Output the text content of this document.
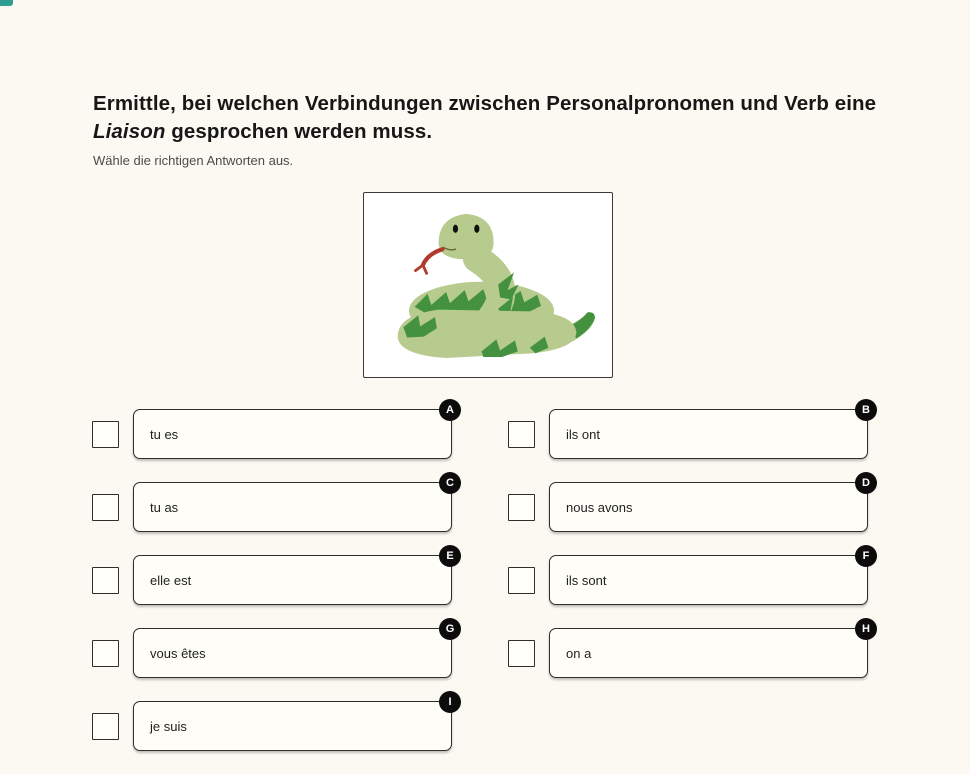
Ermittle, bei welchen Verbindungen zwischen Personalpronomen und Verb eine Liaison gesprochen werden muss.

Wähle die richtigen Antworten aus.

tu es
A
tu as
C
elle est
E
vous êtes
G
je suis
I
ils ont
B
nous avons
D
ils sont
F
on a
H
